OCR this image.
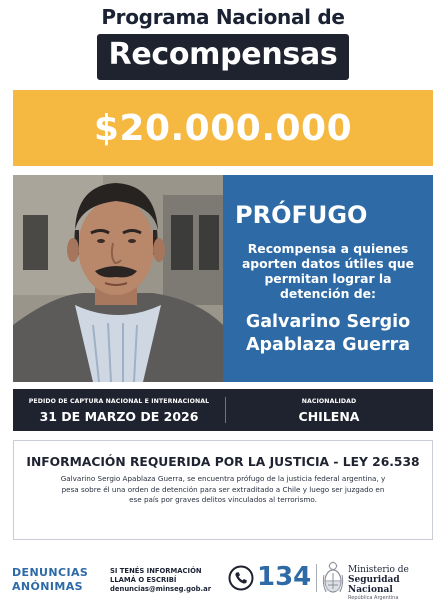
Programa Nacional de
Recompensas
$20.000.000
PRÓFUGO
Recompensa a quienes
aporten datos útiles que
permitan lograr la
detención de:
Galvarino Sergio
Apablaza Guerra
PEDIDO DE CAPTURA NACIONAL E INTERNACIONAL
31 DE MARZO DE 2026
NACIONALIDAD
CHILENA
INFORMACIÓN REQUERIDA POR LA JUSTICIA - LEY 26.538
Galvarino Sergio Apablaza Guerra, se encuentra prófugo de la justicia federal argentina, y
pesa sobre él una orden de detención para ser extraditado a Chile y luego ser juzgado en
ese país por graves delitos vinculados al terrorismo.
DENUNCIAS
ANÓNIMAS
SI TENÉS INFORMACIÓN
LLAMÁ O ESCRIBÍ
denuncias@minseg.gob.ar 134	Ministerio de
Seguridad Nacional
República Argentina
